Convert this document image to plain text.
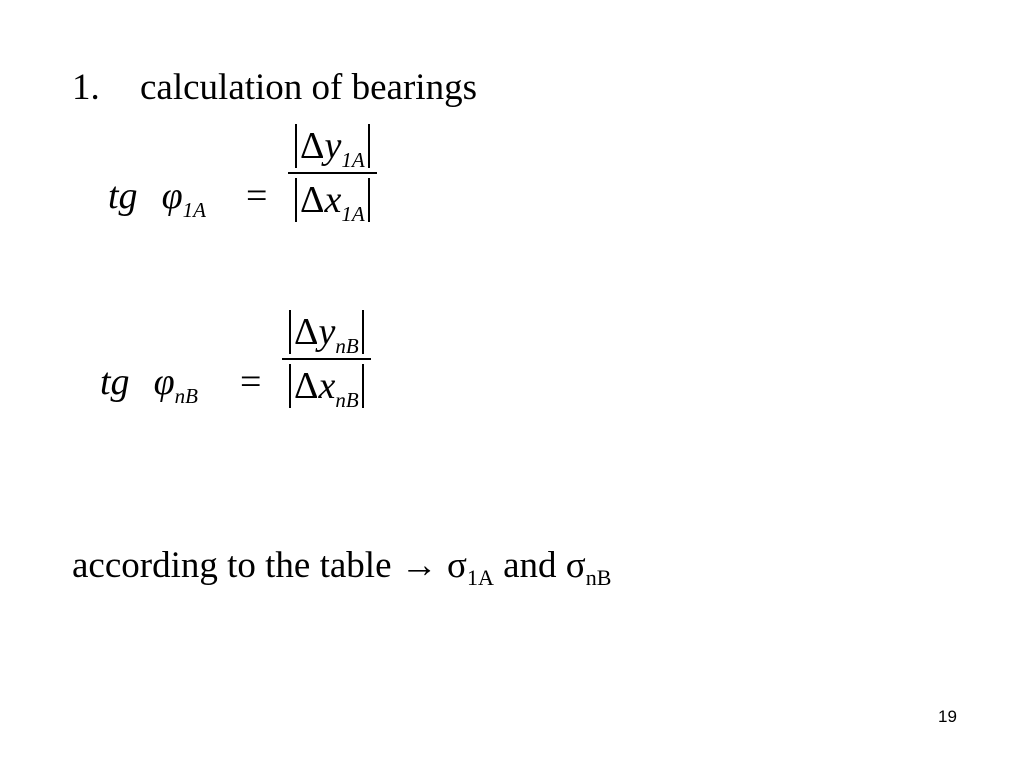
1. calculation of bearings
tg $\varphi_{1A}$ =
$\Delta y_{1A}$
$\Delta x_{1A}$
tg $\varphi_{nB}$ =
$\Delta y_{nB}$
$\Delta x_{nB}$
according to the table → $\sigma_{1A}$ and $\sigma_{nB}$
19
